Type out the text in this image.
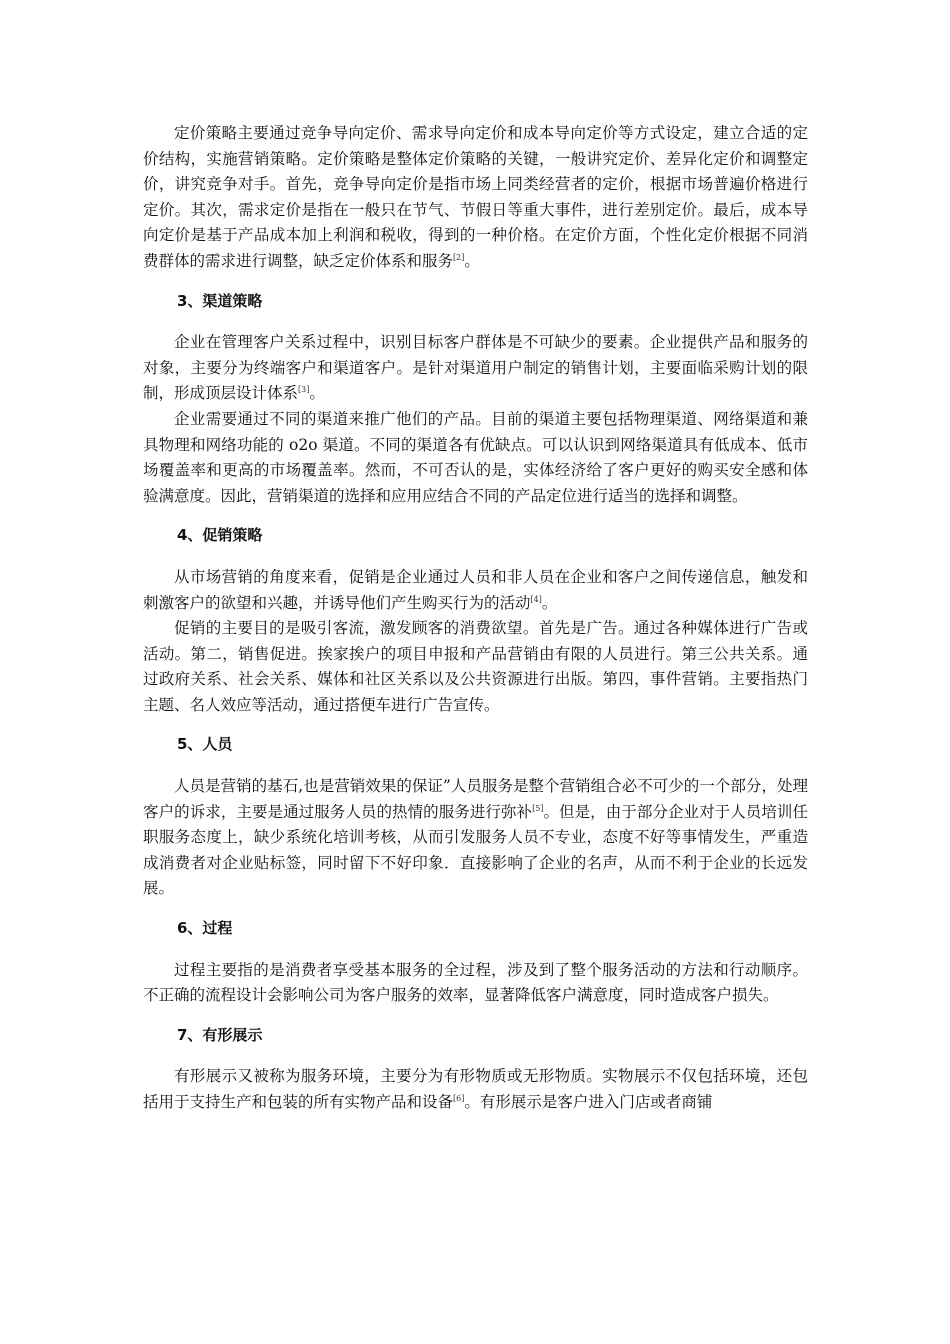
定价策略主要通过竞争导向定价、需求导向定价和成本导向定价等方式设定，建立合适的定价结构，实施营销策略。定价策略是整体定价策略的关键，一般讲究定价、差异化定价和调整定价，讲究竞争对手。首先，竞争导向定价是指市场上同类经营者的定价，根据市场普遍价格进行定价。其次，需求定价是指在一般只在节气、节假日等重大事件，进行差别定价。最后，成本导向定价是基于产品成本加上利润和税收，得到的一种价格。在定价方面，个性化定价根据不同消费群体的需求进行调整，缺乏定价体系和服务[2]。

3、渠道策略

企业在管理客户关系过程中，识别目标客户群体是不可缺少的要素。企业提供产品和服务的对象，主要分为终端客户和渠道客户。是针对渠道用户制定的销售计划，主要面临采购计划的限制，形成顶层设计体系[3]。

企业需要通过不同的渠道来推广他们的产品。目前的渠道主要包括物理渠道、网络渠道和兼具物理和网络功能的 o2o 渠道。不同的渠道各有优缺点。可以认识到网络渠道具有低成本、低市场覆盖率和更高的市场覆盖率。然而，不可否认的是，实体经济给了客户更好的购买安全感和体验满意度。因此，营销渠道的选择和应用应结合不同的产品定位进行适当的选择和调整。

4、促销策略

从市场营销的角度来看，促销是企业通过人员和非人员在企业和客户之间传递信息，触发和刺激客户的欲望和兴趣，并诱导他们产生购买行为的活动[4]。

促销的主要目的是吸引客流，激发顾客的消费欲望。首先是广告。通过各种媒体进行广告或活动。第二，销售促进。挨家挨户的项目申报和产品营销由有限的人员进行。第三公共关系。通过政府关系、社会关系、媒体和社区关系以及公共资源进行出版。第四，事件营销。主要指热门主题、名人效应等活动，通过搭便车进行广告宣传。

5、人员

人员是营销的基石,也是营销效果的保证”人员服务是整个营销组合必不可少的一个部分，处理客户的诉求，主要是通过服务人员的热情的服务进行弥补[5]。但是，由于部分企业对于人员培训任职服务态度上，缺少系统化培训考核，从而引发服务人员不专业，态度不好等事情发生，严重造成消费者对企业贴标签，同时留下不好印象．直接影响了企业的名声，从而不利于企业的长远发展。

6、过程

过程主要指的是消费者享受基本服务的全过程，涉及到了整个服务活动的方法和行动顺序。不正确的流程设计会影响公司为客户服务的效率，显著降低客户满意度，同时造成客户损失。

7、有形展示

有形展示又被称为服务环境，主要分为有形物质或无形物质。实物展示不仅包括环境，还包括用于支持生产和包装的所有实物产品和设备[6]。有形展示是客户进入门店或者商铺
